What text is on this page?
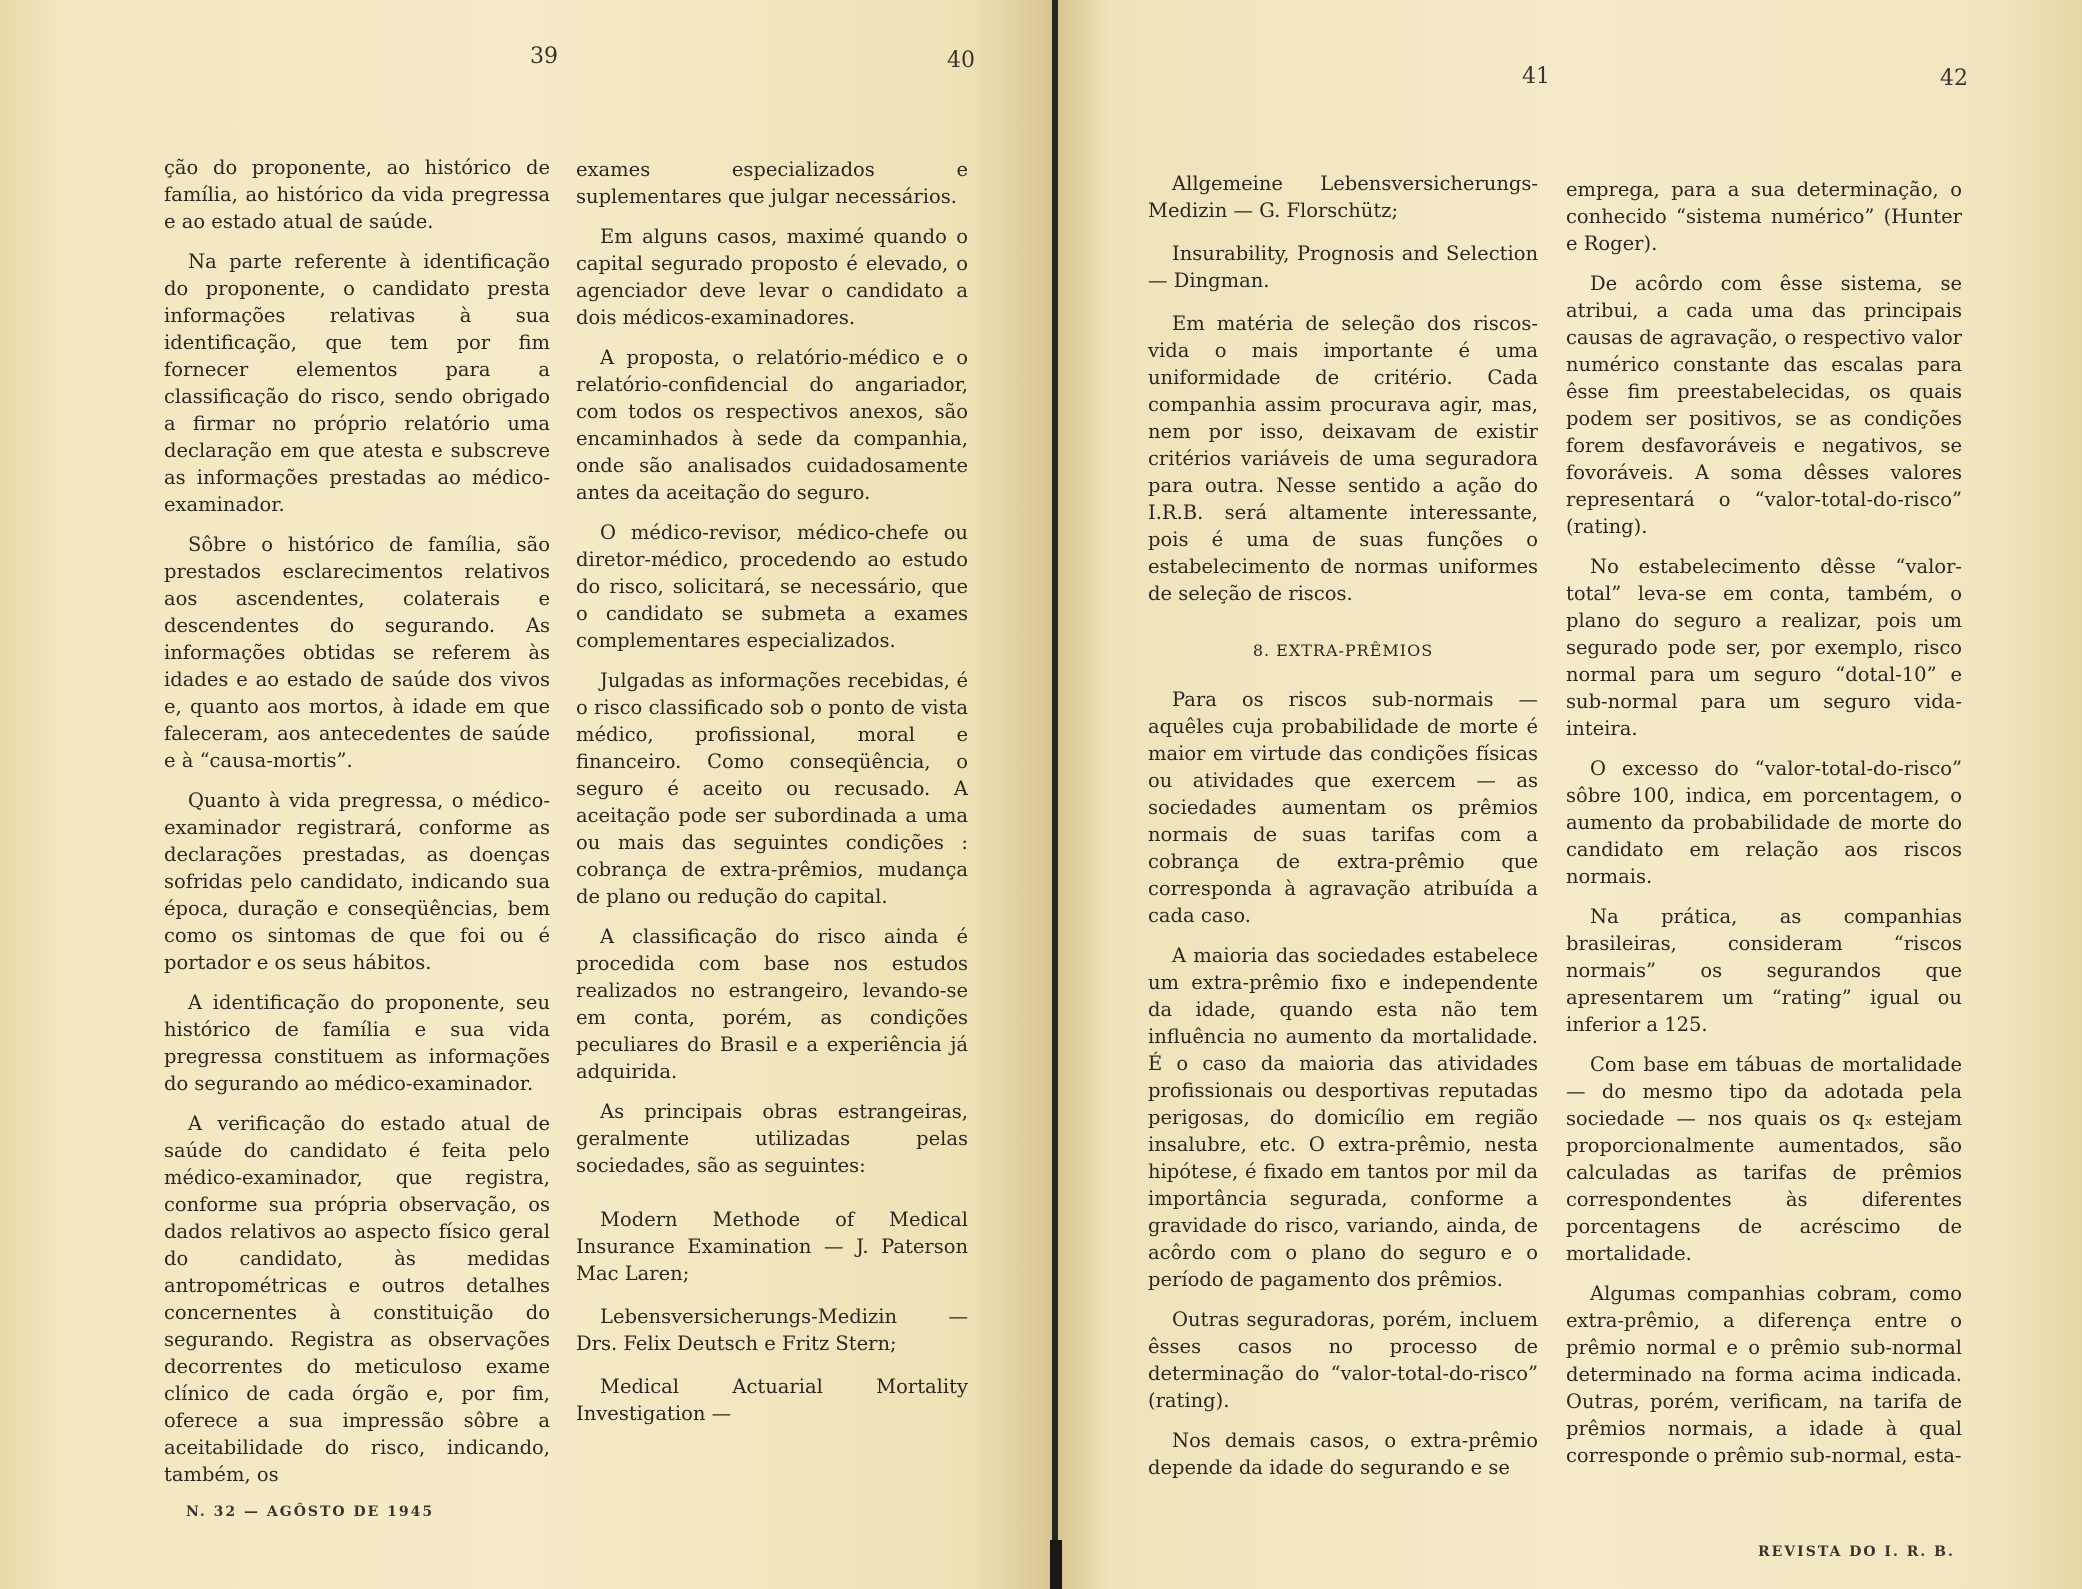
39	40
41	42

ção do proponente, ao histórico de família, ao histórico da vida pregressa e ao estado atual de saúde.

Na parte referente à identificação do proponente, o candidato presta informações relativas à sua identificação, que tem por fim fornecer elementos para a classificação do risco, sendo obrigado a firmar no próprio relatório uma declaração em que atesta e subscreve as informações prestadas ao médico-examinador.

Sôbre o histórico de família, são prestados esclarecimentos relativos aos ascendentes, colaterais e descendentes do segurando. As informações obtidas se referem às idades e ao estado de saúde dos vivos e, quanto aos mortos, à idade em que faleceram, aos antecedentes de saúde e à “causa-mortis”.

Quanto à vida pregressa, o médico-examinador registrará, conforme as declarações prestadas, as doenças sofridas pelo candidato, indicando sua época, duração e conseqüências, bem como os sintomas de que foi ou é portador e os seus hábitos.

A identificação do proponente, seu histórico de família e sua vida pregressa constituem as informações do segurando ao médico-examinador.

A verificação do estado atual de saúde do candidato é feita pelo médico-examinador, que registra, conforme sua própria observação, os dados relativos ao aspecto físico geral do candidato, às medidas antropométricas e outros detalhes concernentes à constituição do segurando. Registra as observações decorrentes do meticuloso exame clínico de cada órgão e, por fim, oferece a sua impressão sôbre a aceitabilidade do risco, indicando, também, os

exames especializados e suplementares que julgar necessários.

Em alguns casos, maximé quando o capital segurado proposto é elevado, o agenciador deve levar o candidato a dois médicos-examinadores.

A proposta, o relatório-médico e o relatório-confidencial do angariador, com todos os respectivos anexos, são encaminhados à sede da companhia, onde são analisados cuidadosamente antes da aceitação do seguro.

O médico-revisor, médico-chefe ou diretor-médico, procedendo ao estudo do risco, solicitará, se necessário, que o candidato se submeta a exames complementares especializados.

Julgadas as informações recebidas, é o risco classificado sob o ponto de vista médico, profissional, moral e financeiro. Como conseqüência, o seguro é aceito ou recusado. A aceitação pode ser subordinada a uma ou mais das seguintes condições : cobrança de extra-prêmios, mudança de plano ou redução do capital.

A classificação do risco ainda é procedida com base nos estudos realizados no estrangeiro, levando-se em conta, porém, as condições peculiares do Brasil e a experiência já adquirida.

As principais obras estrangeiras, geralmente utilizadas pelas sociedades, são as seguintes:

Modern Methode of Medical Insurance Examination — J. Paterson Mac Laren;

Lebensversicherungs-Medizin — Drs. Felix Deutsch e Fritz Stern;

Medical Actuarial Mortality Investigation —

Allgemeine Lebensversicherungs-Medizin — G. Florschütz;

Insurability, Prognosis and Selection — Dingman.

Em matéria de seleção dos riscos-vida o mais importante é uma uniformidade de critério. Cada companhia assim procurava agir, mas, nem por isso, deixavam de existir critérios variáveis de uma seguradora para outra. Nesse sentido a ação do I.R.B. será altamente interessante, pois é uma de suas funções o estabelecimento de normas uniformes de seleção de riscos.

8. EXTRA-PRÊMIOS

Para os riscos sub-normais — aquêles cuja probabilidade de morte é maior em virtude das condições físicas ou atividades que exercem — as sociedades aumentam os prêmios normais de suas tarifas com a cobrança de extra-prêmio que corresponda à agravação atribuída a cada caso.

A maioria das sociedades estabelece um extra-prêmio fixo e independente da idade, quando esta não tem influência no aumento da mortalidade. É o caso da maioria das atividades profissionais ou desportivas reputadas perigosas, do domicílio em região insalubre, etc. O extra-prêmio, nesta hipótese, é fixado em tantos por mil da importância segurada, conforme a gravidade do risco, variando, ainda, de acôrdo com o plano do seguro e o período de pagamento dos prêmios.

Outras seguradoras, porém, incluem êsses casos no processo de determinação do “valor-total-do-risco” (rating).

Nos demais casos, o extra-prêmio depende da idade do segurando e se

emprega, para a sua determinação, o conhecido “sistema numérico” (Hunter e Roger).

De acôrdo com êsse sistema, se atribui, a cada uma das principais causas de agravação, o respectivo valor numérico constante das escalas para êsse fim preestabelecidas, os quais podem ser positivos, se as condições forem desfavoráveis e negativos, se fovoráveis. A soma dêsses valores representará o “valor-total-do-risco” (rating).

No estabelecimento dêsse “valor-total” leva-se em conta, também, o plano do seguro a realizar, pois um segurado pode ser, por exemplo, risco normal para um seguro “dotal-10” e sub-normal para um seguro vida-inteira.

O excesso do “valor-total-do-risco” sôbre 100, indica, em porcentagem, o aumento da probabilidade de morte do candidato em relação aos riscos normais.

Na prática, as companhias brasileiras, consideram “riscos normais” os segurandos que apresentarem um “rating” igual ou inferior a 125.

Com base em tábuas de mortalidade — do mesmo tipo da adotada pela sociedade — nos quais os qₓ estejam proporcionalmente aumentados, são calculadas as tarifas de prêmios correspondentes às diferentes porcentagens de acréscimo de mortalidade.

Algumas companhias cobram, como extra-prêmio, a diferença entre o prêmio normal e o prêmio sub-normal determinado na forma acima indicada. Outras, porém, verificam, na tarifa de prêmios normais, a idade à qual corresponde o prêmio sub-normal, esta-

N. 32 — AGÔSTO DE 1945
REVISTA DO I. R. B.
